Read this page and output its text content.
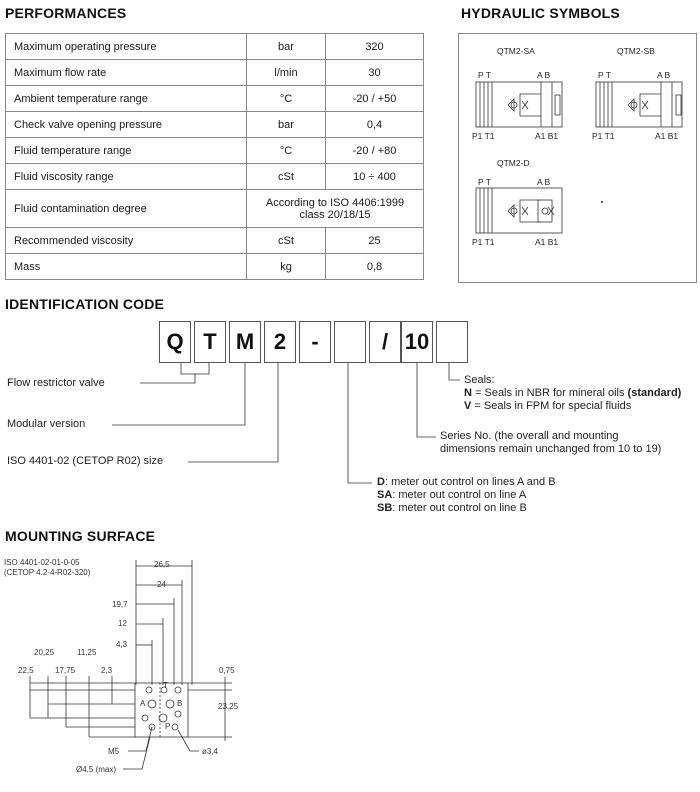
PERFORMANCES	HYDRAULIC SYMBOLS
IDENTIFICATION CODE
MOUNTING SURFACE
Maximum operating pressure	bar	320
Maximum flow rate	l/min	30
Ambient temperature range	°C	-20 / +50
Check valve opening pressure	bar	0,4
Fluid temperature range	°C	-20 / +80
Fluid viscosity range	cSt	10 ÷ 400
Fluid contamination degree	According to ISO 4406:1999
class 20/18/15	

Recommended viscosity	cSt	25
Mass	kg	0,8
QTM2-SA
P T	A B
P1 T1	A1 B1
QTM2-SB
P T	A B
P1 T1	A1 B1
QTM2-D
P T	A B
P1 T1	A1 B1
Q T M 2	-	/ 10
Flow restrictor valve
Modular version
ISO 4401-02 (CETOP R02) size
Seals:
N = Seals in NBR for mineral oils (standard)
V = Seals in FPM for special fluids
Series No. (the overall and mounting
dimensions remain unchanged from 10 to 19)
D: meter out control on lines A and B
SA: meter out control on line A
SB: meter out control on line B
ISO 4401-02-01-0-05
(CETOP 4.2-4-R02-320)
26,5
24
19,7
12
4,3
20,25	11,25
22,5	17,75	2,3	0,75
23,25
M5	ø3,4
Ø4,5 (max)
A	B
P
T
